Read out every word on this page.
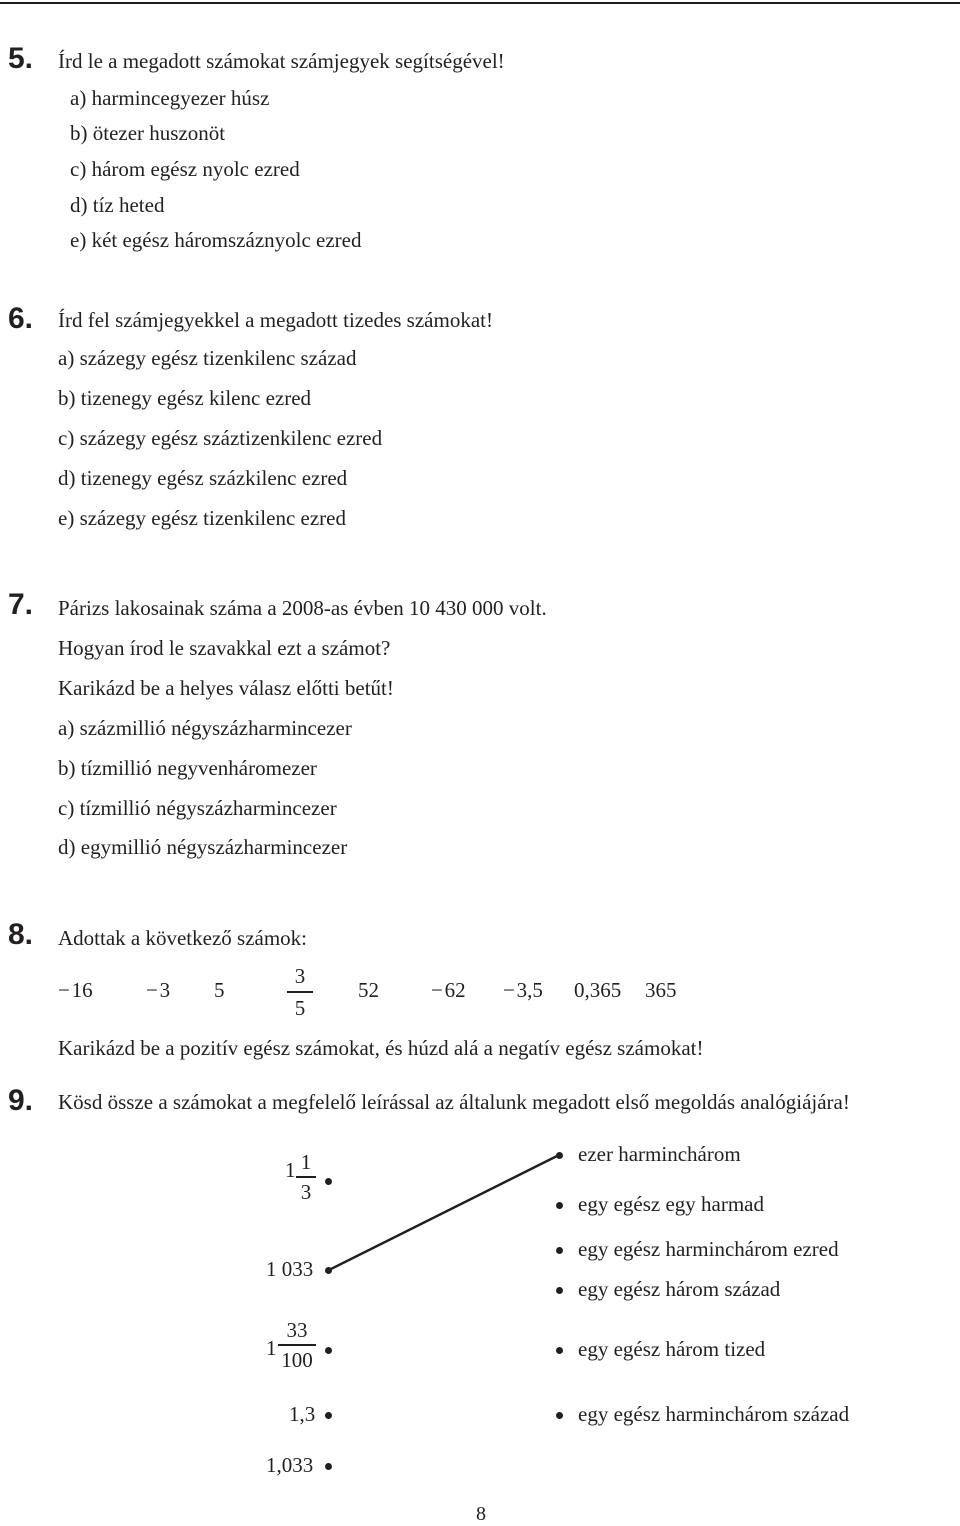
5. Írd le a megadott számokat számjegyek segítségével!
a) harmincegyezer húsz
b) ötezer huszonöt
c) három egész nyolc ezred
d) tíz heted
e) két egész háromszáznyolc ezred
6. Írd fel számjegyekkel a megadott tizedes számokat!
a) százegy egész tizenkilenc század
b) tizenegy egész kilenc ezred
c) százegy egész száztizenkilenc ezred
d) tizenegy egész százkilenc ezred
e) százegy egész tizenkilenc ezred
7. Párizs lakosainak száma a 2008-as évben 10 430 000 volt.
Hogyan írod le szavakkal ezt a számot?
Karikázd be a helyes válasz előtti betűt!
a) százmillió négyszázharmincezer
b) tízmillió negyvenháromezer
c) tízmillió négyszázharmincezer
d) egymillió négyszázharmincezer
8. Adottak a következő számok:
− 16	− 3 5
3
5
52 − 62 − 3,5 0,365 365
Karikázd be a pozitív egész számokat, és húzd alá a negatív egész számokat!
9. Kösd össze a számokat a megfelelő leírással az általunk megadott első megoldás analógiájára!
1 1
3
1 033
1
33
100
1,3
1,033
ezer harminchárom
egy egész egy harmad
egy egész harminchárom ezred
egy egész három század
egy egész három tized
egy egész harminchárom század
8
